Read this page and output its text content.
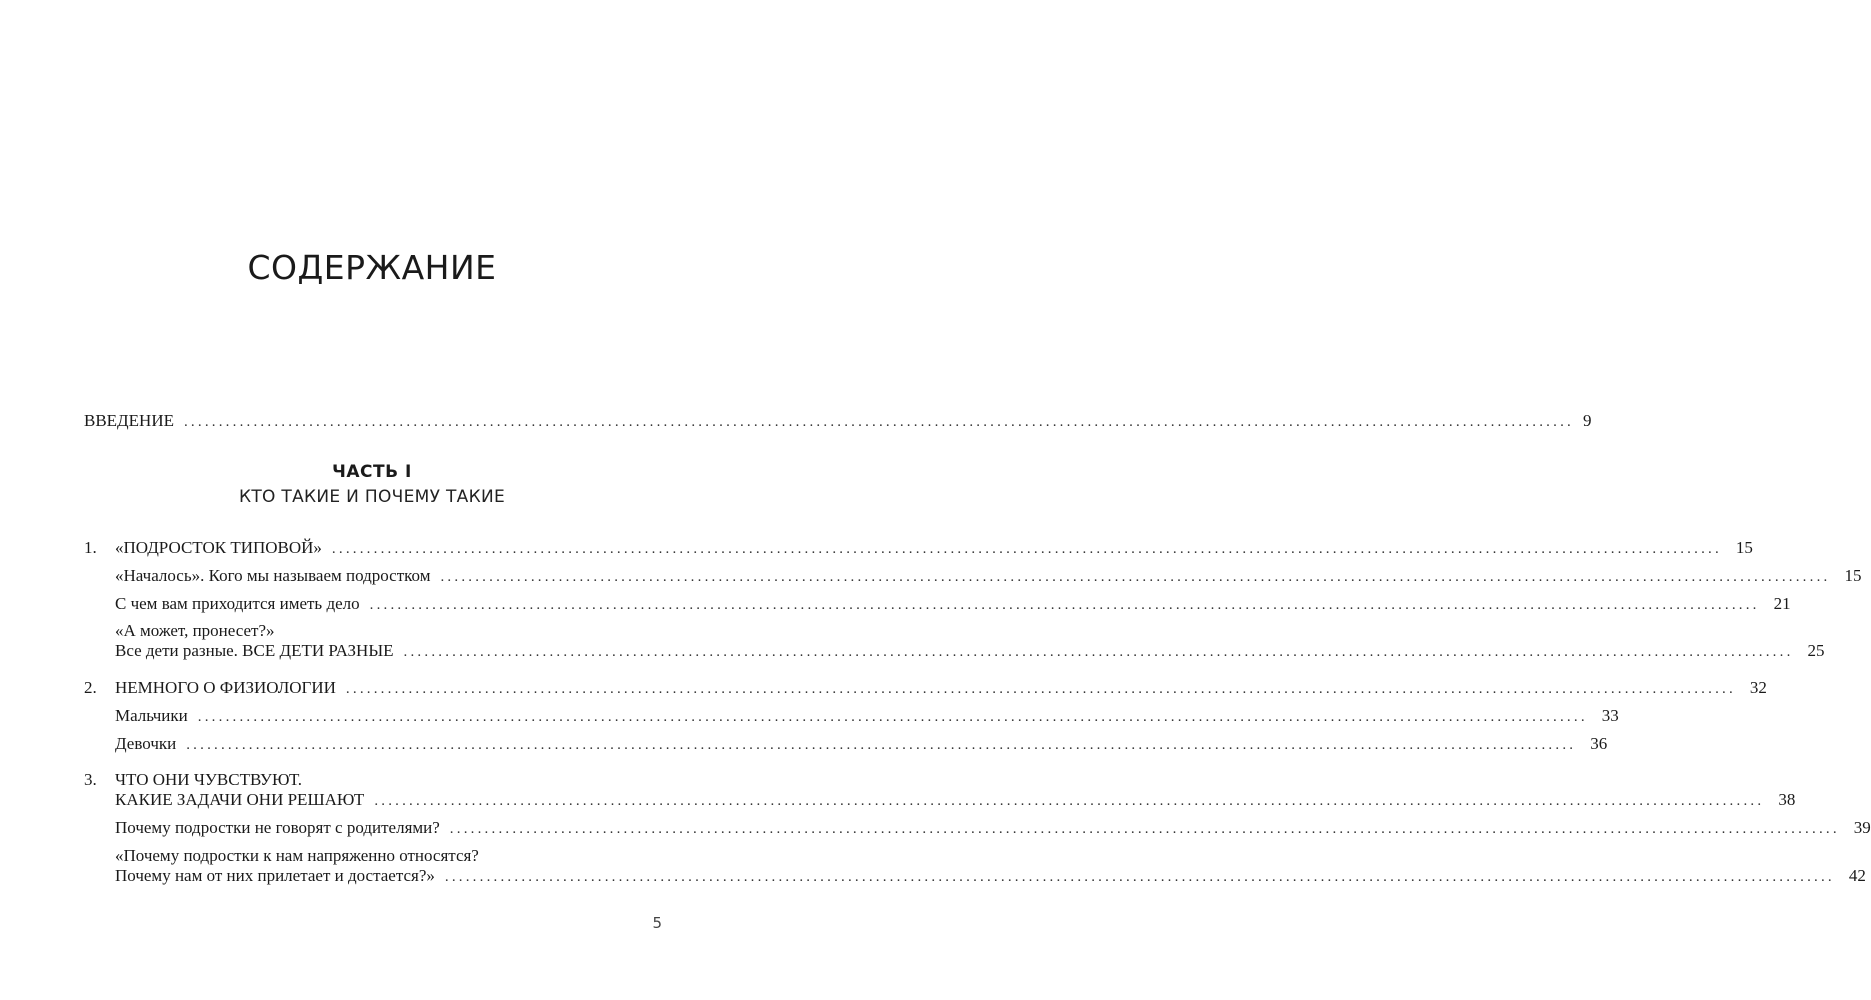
СОДЕРЖАНИЕ
ВВЕДЕНИЕ ........................................................................................................................................................................................................ 9
ЧАСТЬ I
КТО ТАКИЕ И ПОЧЕМУ ТАКИЕ
1.	«ПОДРОСТОК ТИПОВОЙ» ........................................................................................................................................................................................................ 15
«Началось». Кого мы называем подростком ........................................................................................................................................................................................................ 15
С чем вам приходится иметь дело ........................................................................................................................................................................................................ 21
«А может, пронесет?»
Все дети разные. ВСЕ ДЕТИ РАЗНЫЕ ........................................................................................................................................................................................................ 25
2.	НЕМНОГО О ФИЗИОЛОГИИ ........................................................................................................................................................................................................ 32
Мальчики ........................................................................................................................................................................................................ 33
Девочки ........................................................................................................................................................................................................ 36
3.	ЧТО ОНИ ЧУВСТВУЮТ.
КАКИЕ ЗАДАЧИ ОНИ РЕШАЮТ ........................................................................................................................................................................................................ 38
Почему подростки не говорят с родителями? ........................................................................................................................................................................................................ 39
«Почему подростки к нам напряженно относятся?
Почему нам от них прилетает и достается?» ........................................................................................................................................................................................................ 42
5
